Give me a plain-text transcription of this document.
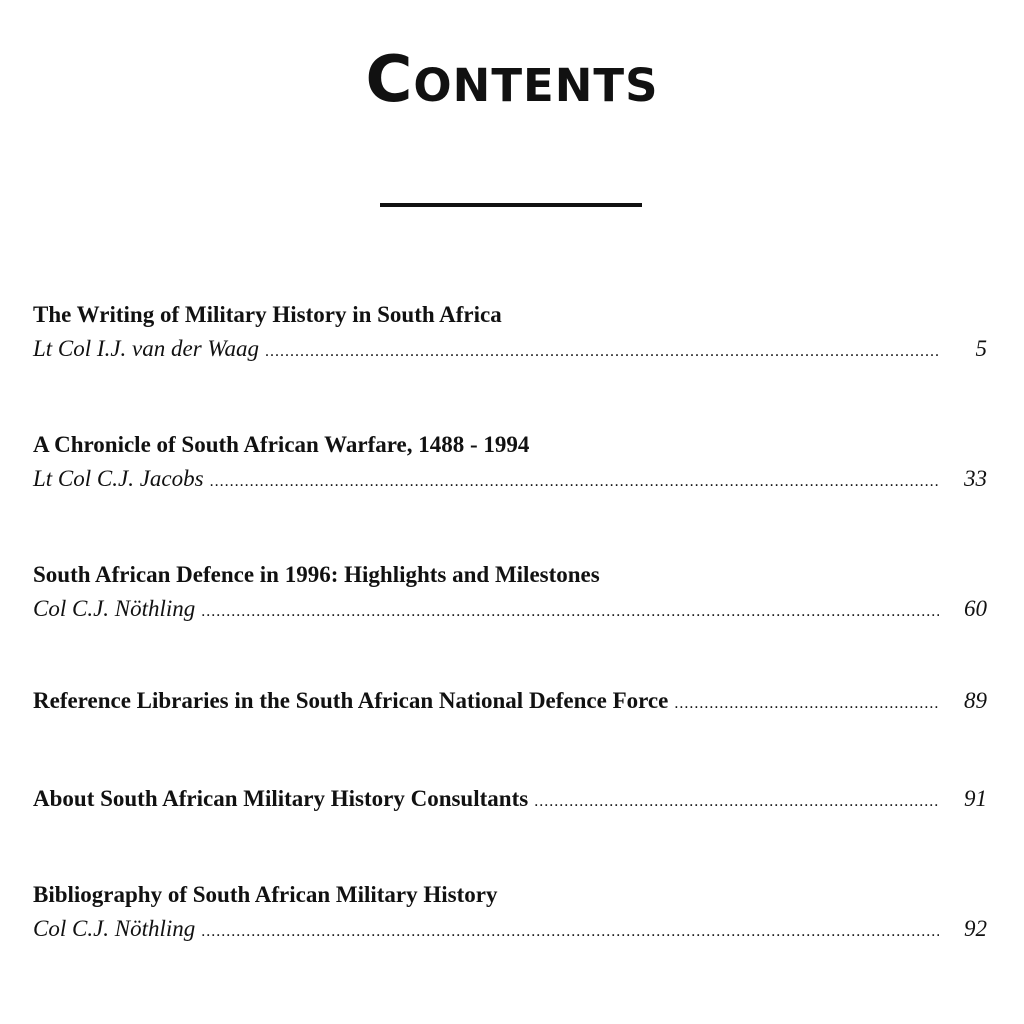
Contents
The Writing of Military History in South Africa
Lt Col I.J. van der Waag .....	5
A Chronicle of South African Warfare, 1488 - 1994
Lt Col C.J. Jacobs .....	33
South African Defence in 1996: Highlights and Milestones
Col C.J. Nöthling .....	60
Reference Libraries in the South African National Defence Force .....	89
About South African Military History Consultants .....	91
Bibliography of South African Military History
Col C.J. Nöthling .....	92
